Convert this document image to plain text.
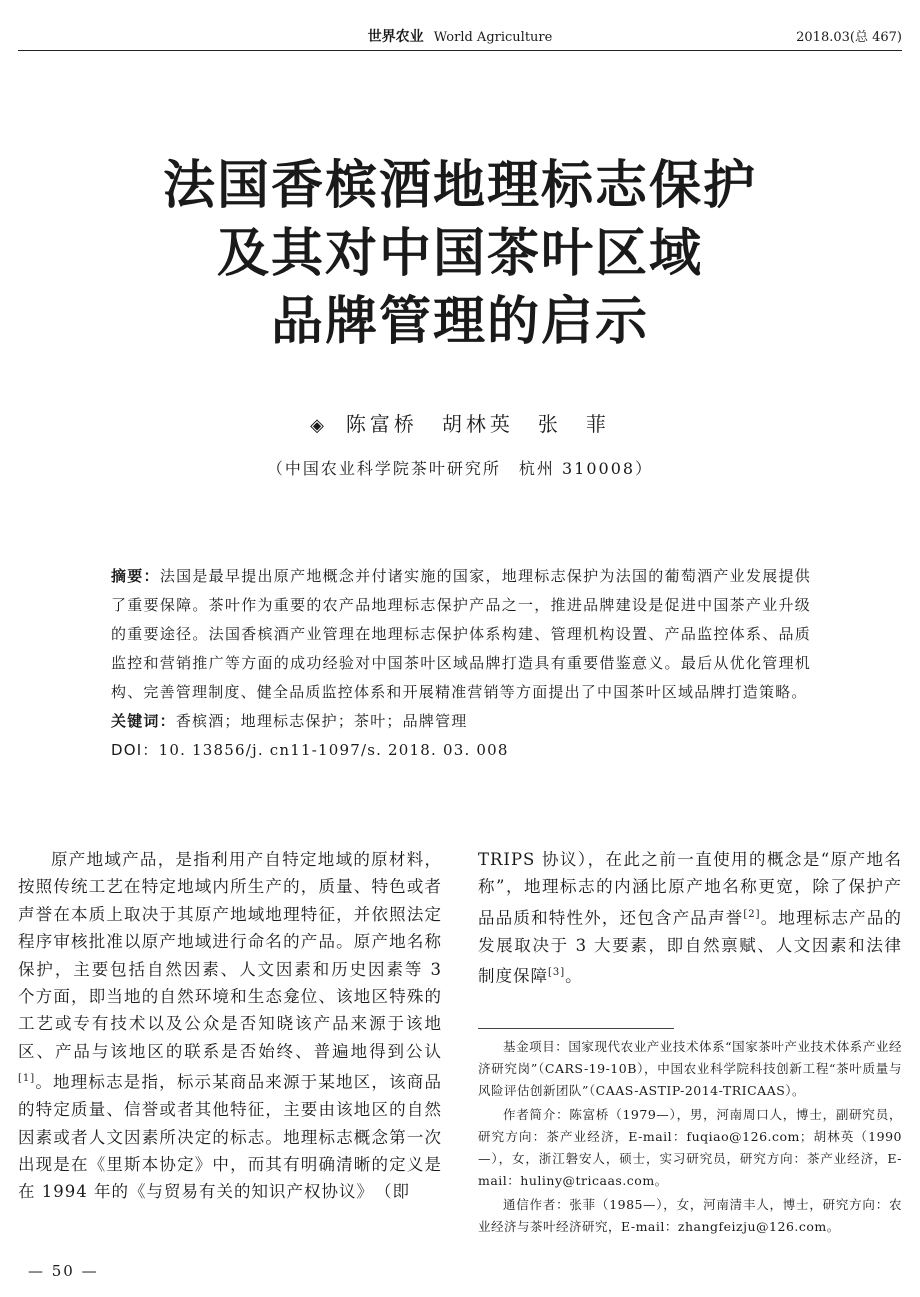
世界农业 World Agriculture	2018.03(总 467)
法国香槟酒地理标志保护
及其对中国茶叶区域
品牌管理的启示
◈ 陈富桥　胡林英　张　菲
（中国农业科学院茶叶研究所　杭州 310008）

摘要：法国是最早提出原产地概念并付诸实施的国家，地理标志保护为法国的葡萄酒产业发展提供了重要保障。茶叶作为重要的农产品地理标志保护产品之一，推进品牌建设是促进中国茶产业升级的重要途径。法国香槟酒产业管理在地理标志保护体系构建、管理机构设置、产品监控体系、品质监控和营销推广等方面的成功经验对中国茶叶区域品牌打造具有重要借鉴意义。最后从优化管理机构、完善管理制度、健全品质监控体系和开展精准营销等方面提出了中国茶叶区域品牌打造策略。

关键词：香槟酒；地理标志保护；茶叶；品牌管理
DOI：10. 13856/j. cn11-1097/s. 2018. 03. 008

原产地域产品，是指利用产自特定地域的原材料，按照传统工艺在特定地域内所生产的，质量、特色或者声誉在本质上取决于其原产地域地理特征，并依照法定程序审核批准以原产地域进行命名的产品。原产地名称保护，主要包括自然因素、人文因素和历史因素等 3 个方面，即当地的自然环境和生态龛位、该地区特殊的工艺或专有技术以及公众是否知晓该产品来源于该地区、产品与该地区的联系是否始终、普遍地得到公认[1]。地理标志是指，标示某商品来源于某地区，该商品的特定质量、信誉或者其他特征，主要由该地区的自然因素或者人文因素所决定的标志。地理标志概念第一次出现是在《里斯本协定》中，而其有明确清晰的定义是在 1994 年的《与贸易有关的知识产权协议》　（即

TRIPS 协议），在此之前一直使用的概念是“原产地名称”，地理标志的内涵比原产地名称更宽，除了保护产品品质和特性外，还包含产品声誉[2]。地理标志产品的发展取决于 3 大要素，即自然禀赋、人文因素和法律制度保障[3]。

基金项目：国家现代农业产业技术体系“国家茶叶产业技术体系产业经济研究岗”（CARS-19-10B），中国农业科学院科技创新工程“茶叶质量与风险评估创新团队”（CAAS-ASTIP-2014-TRICAAS）。

作者简介：陈富桥（1979—），男，河南周口人，博士，副研究员，研究方向：茶产业经济，E-mail：fuqiao@126.com；胡林英（1990—），女，浙江磐安人，硕士，实习研究员，研究方向：茶产业经济，E-mail：huliny@tricaas.com。

通信作者：张菲（1985—），女，河南清丰人，博士，研究方向：农业经济与茶叶经济研究，E-mail：zhangfeizju@126.com。

— 50 —
